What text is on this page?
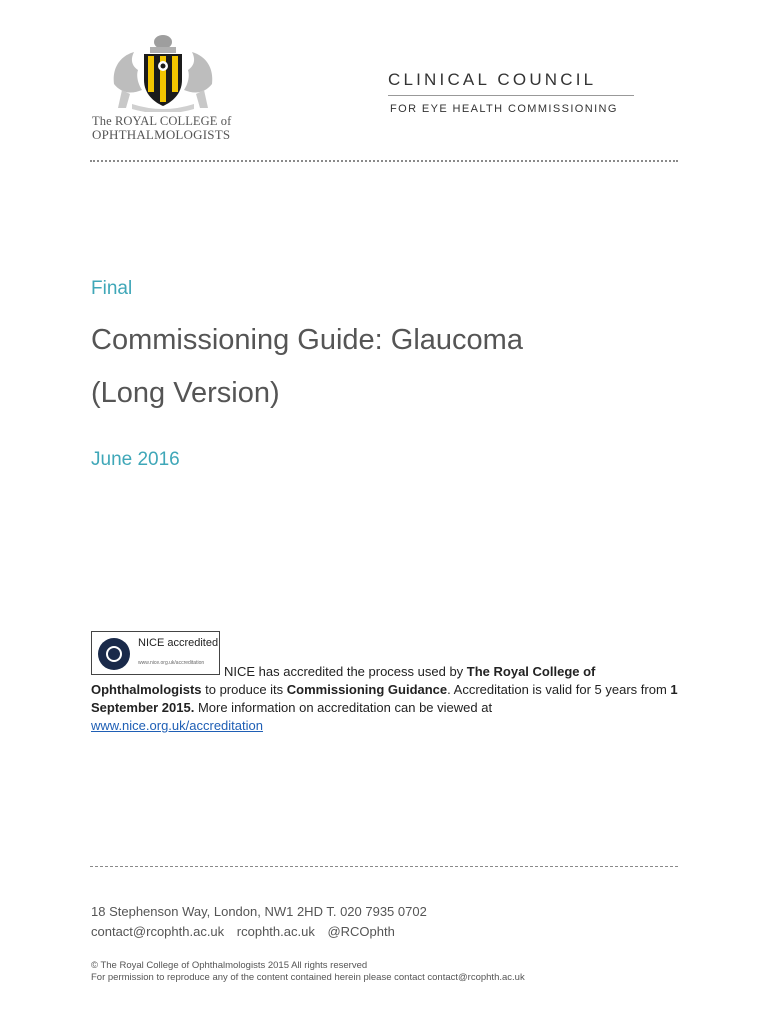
The ROYAL COLLEGE of
OPHTHALMOLOGISTS
CLINICAL COUNCIL
FOR EYE HEALTH COMMISSIONING
Final
Commissioning Guide: Glaucoma
(Long Version)
June 2016
NICE accredited
www.nice.org.uk/accreditation
NICE has accredited the process used by The Royal College of Ophthalmologists to produce its Commissioning Guidance. Accreditation is valid for 5 years from 1 September 2015. More information on accreditation can be viewed at
www.nice.org.uk/accreditation
18 Stephenson Way, London, NW1 2HD T. 020 7935 0702
contact@rcophth.ac.uk rcophth.ac.uk @RCOphth
© The Royal College of Ophthalmologists 2015 All rights reserved
For permission to reproduce any of the content contained herein please contact contact@rcophth.ac.uk
